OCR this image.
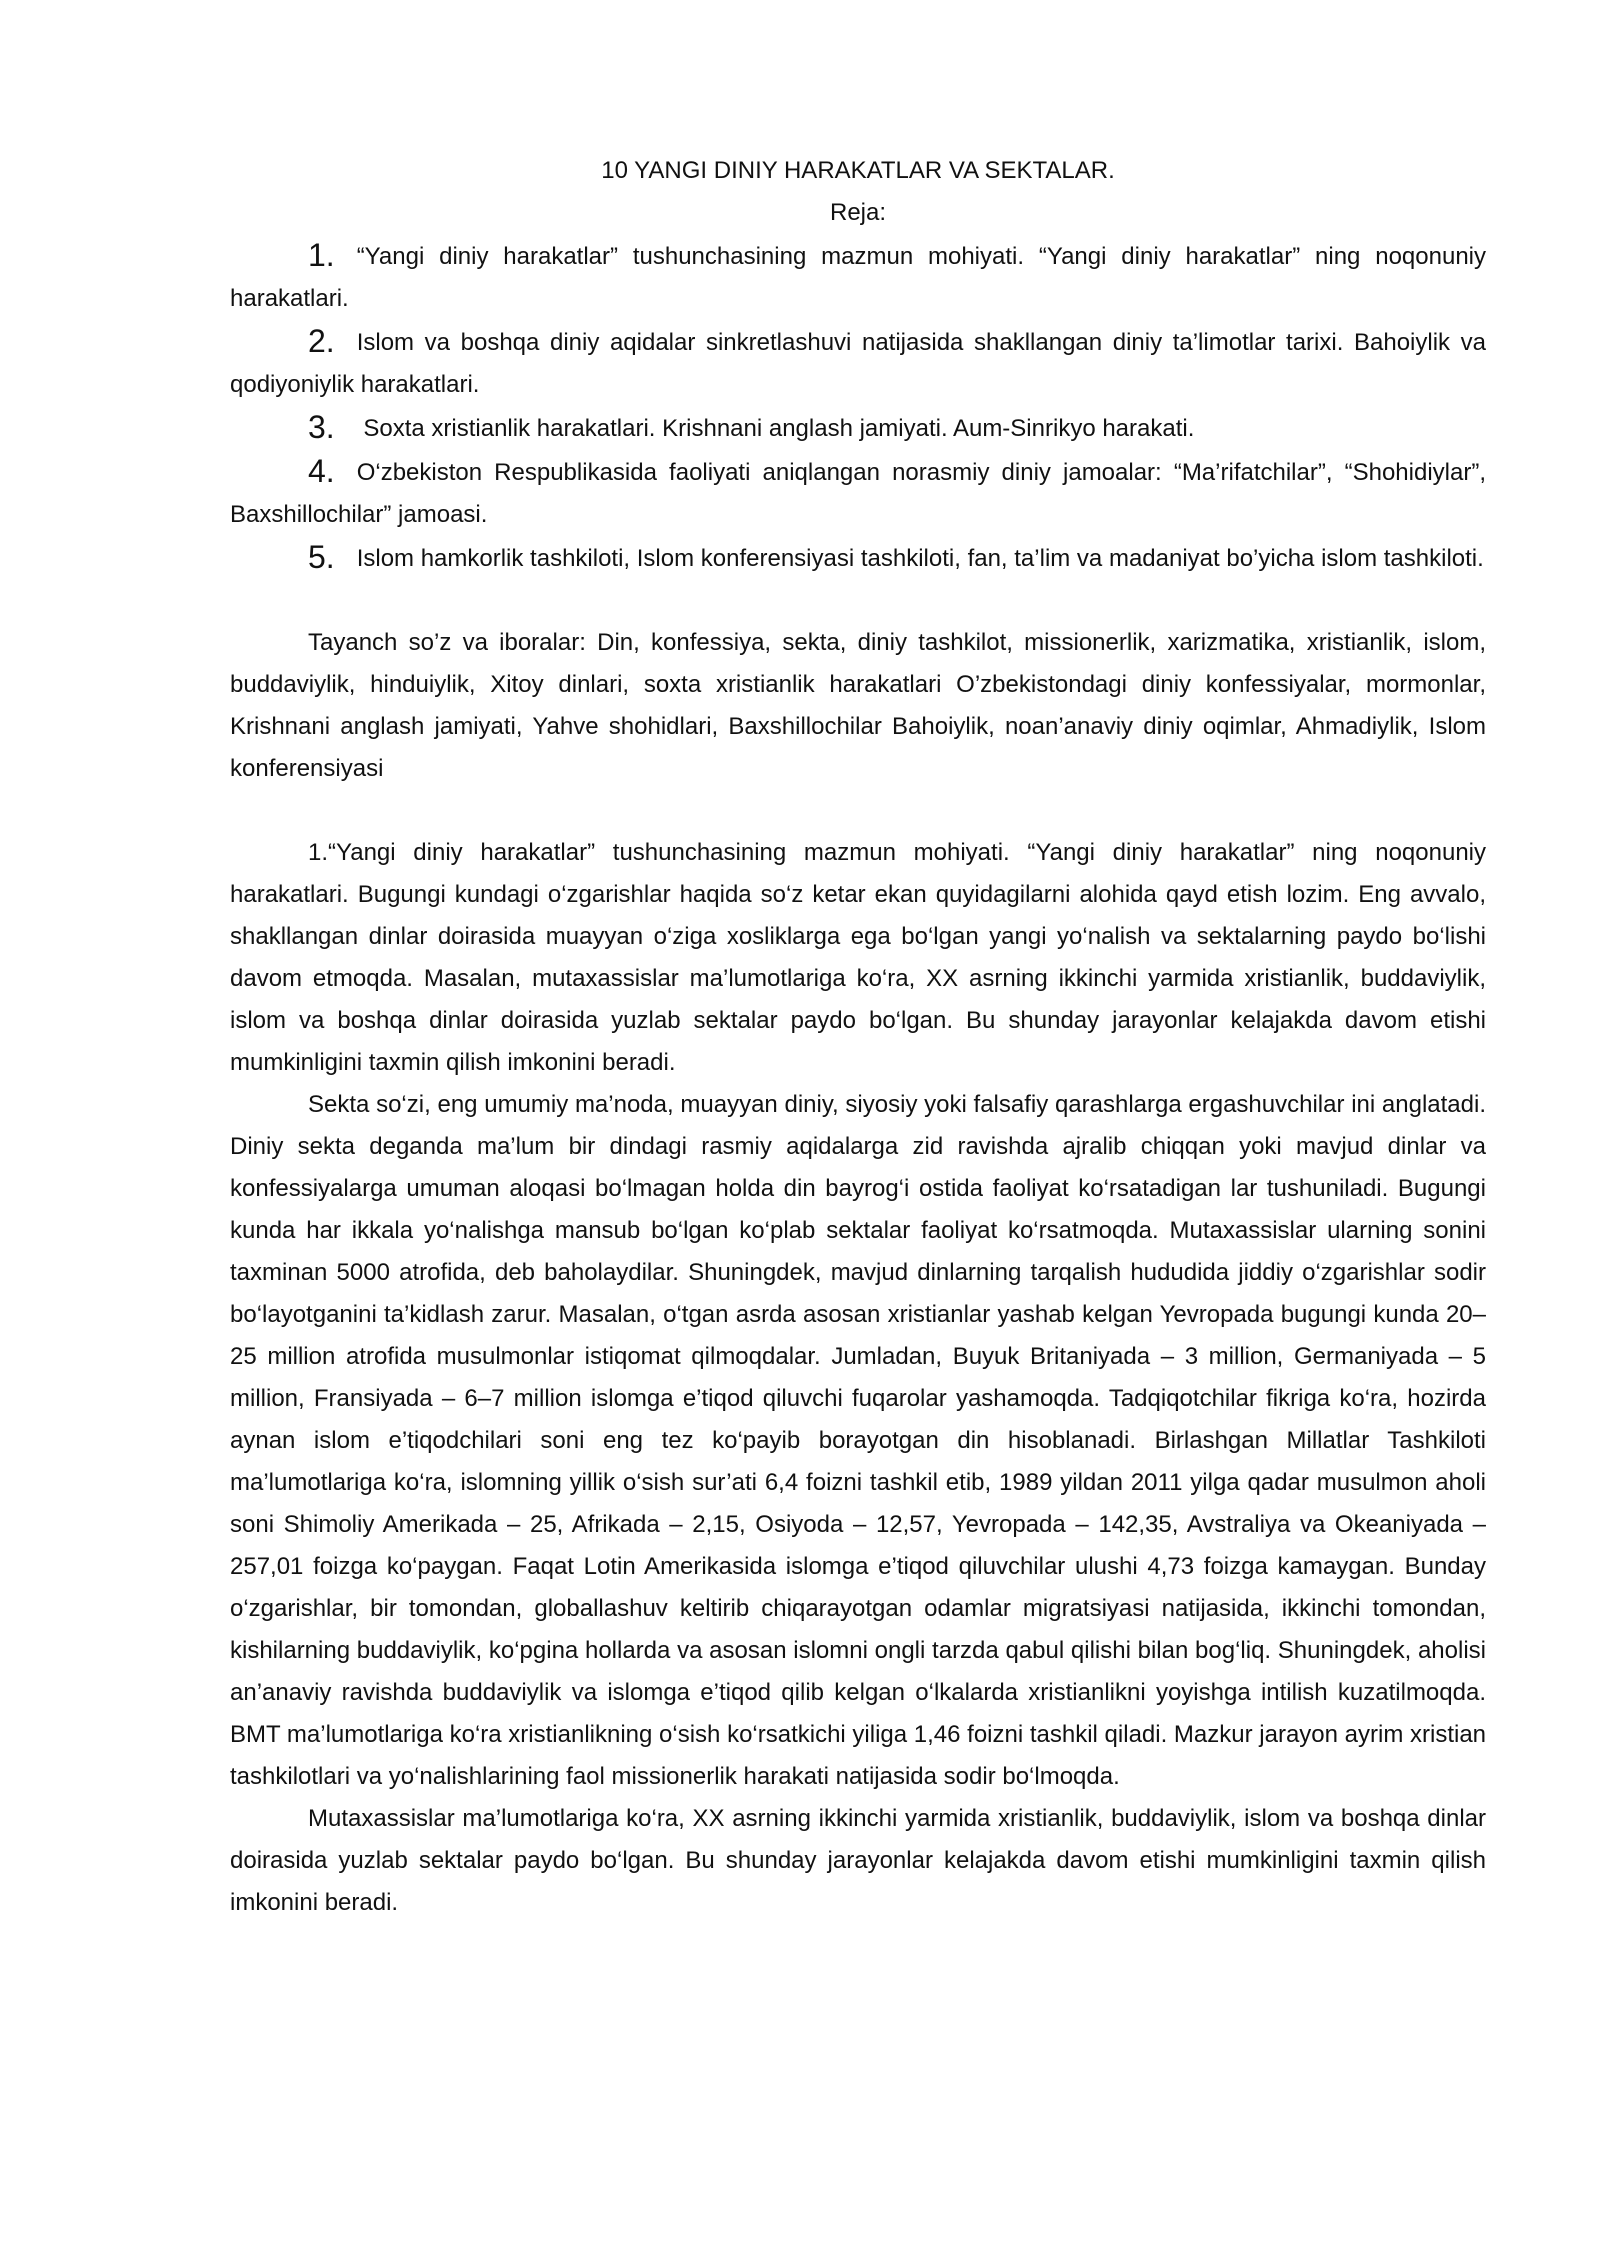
10 YANGI DINIY HARAKATLAR VA SEKTALAR.

Reja:

1. “Yangi diniy harakatlar” tushunchasining mazmun mohiyati. “Yangi diniy harakatlar” ning noqonuniy harakatlari.

2. Islom va boshqa diniy aqidalar sinkretlashuvi natijasida shakllangan diniy ta’limotlar tarixi. Bahoiylik va qodiyoniylik harakatlari.

3. Soxta xristianlik harakatlari. Krishnani anglash jamiyati. Aum-Sinrikyo harakati.

4. O‘zbekiston Respublikasida faoliyati aniqlangan norasmiy diniy jamoalar: “Ma’rifatchilar”, “Shohidiylar”, Baxshillochilar” jamoasi.

5. Islom hamkorlik tashkiloti, Islom konferensiyasi tashkiloti, fan, ta’lim va madaniyat bo’yicha islom tashkiloti.

Tayanch so’z va iboralar: Din, konfessiya, sekta, diniy tashkilot, missionerlik, xarizmatika, xristianlik, islom, buddaviylik, hinduiylik, Xitoy dinlari, soxta xristianlik harakatlari O’zbekistondagi diniy konfessiyalar, mormonlar, Krishnani anglash jamiyati, Yahve shohidlari, Baxshillochilar Bahoiylik, noan’anaviy diniy oqimlar, Ahmadiylik, Islom konferensiyasi

1.“Yangi diniy harakatlar” tushunchasining mazmun mohiyati. “Yangi diniy harakatlar” ning noqonuniy harakatlari. Bugungi kundagi o‘zgarishlar haqida so‘z ketar ekan quyidagilarni alohida qayd etish lozim. Eng avvalo, shakllangan dinlar doirasida muayyan o‘ziga xosliklarga ega bo‘lgan yangi yo‘nalish va sektalarning paydo bo‘lishi davom etmoqda. Masalan, mutaxassislar ma’lumotlariga ko‘ra, XX asrning ikkinchi yarmida xristianlik, buddaviylik, islom va boshqa dinlar doirasida yuzlab sektalar paydo bo‘lgan. Bu shunday jarayonlar kelajakda davom etishi mumkinligini taxmin qilish imkonini beradi.

Sekta so‘zi, eng umumiy ma’noda, muayyan diniy, siyosiy yoki falsafiy qarashlarga ergashuvchilar ini anglatadi. Diniy sekta deganda ma’lum bir dindagi rasmiy aqidalarga zid ravishda ajralib chiqqan yoki mavjud dinlar va konfessiyalarga umuman aloqasi bo‘lmagan holda din bayrog‘i ostida faoliyat ko‘rsatadigan lar tushuniladi. Bugungi kunda har ikkala yo‘nalishga mansub bo‘lgan ko‘plab sektalar faoliyat ko‘rsatmoqda. Mutaxassislar ularning sonini taxminan 5000 atrofida, deb baholaydilar. Shuningdek, mavjud dinlarning tarqalish hududida jiddiy o‘zgarishlar sodir bo‘layotganini ta’kidlash zarur. Masalan, o‘tgan asrda asosan xristianlar yashab kelgan Yevropada bugungi kunda 20–25 million atrofida musulmonlar istiqomat qilmoqdalar. Jumladan, Buyuk Britaniyada – 3 million, Germaniyada – 5 million, Fransiyada – 6–7 million islomga e’tiqod qiluvchi fuqarolar yashamoqda. Tadqiqotchilar fikriga ko‘ra, hozirda aynan islom e’tiqodchilari soni eng tez ko‘payib borayotgan din hisoblanadi. Birlashgan Millatlar Tashkiloti ma’lumotlariga ko‘ra, islomning yillik o‘sish sur’ati 6,4 foizni tashkil etib, 1989 yildan 2011 yilga qadar musulmon aholi soni Shimoliy Amerikada – 25, Afrikada – 2,15, Osiyoda – 12,57, Yevropada – 142,35, Avstraliya va Okeaniyada – 257,01 foizga ko‘paygan. Faqat Lotin Amerikasida islomga e’tiqod qiluvchilar ulushi 4,73 foizga kamaygan. Bunday o‘zgarishlar, bir tomondan, globallashuv keltirib chiqarayotgan odamlar migratsiyasi natijasida, ikkinchi tomondan, kishilarning buddaviylik, ko‘pgina hollarda va asosan islomni ongli tarzda qabul qilishi bilan bog‘liq. Shuningdek, aholisi an’anaviy ravishda buddaviylik va islomga e’tiqod qilib kelgan o‘lkalarda xristianlikni yoyishga intilish kuzatilmoqda. BMT ma’lumotlariga ko‘ra xristianlikning o‘sish ko‘rsatkichi yiliga 1,46 foizni tashkil qiladi. Mazkur jarayon ayrim xristian tashkilotlari va yo‘nalishlarining faol missionerlik harakati natijasida sodir bo‘lmoqda.

Mutaxassislar ma’lumotlariga ko‘ra, XX asrning ikkinchi yarmida xristianlik, buddaviylik, islom va boshqa dinlar doirasida yuzlab sektalar paydo bo‘lgan. Bu shunday jarayonlar kelajakda davom etishi mumkinligini taxmin qilish imkonini beradi.
